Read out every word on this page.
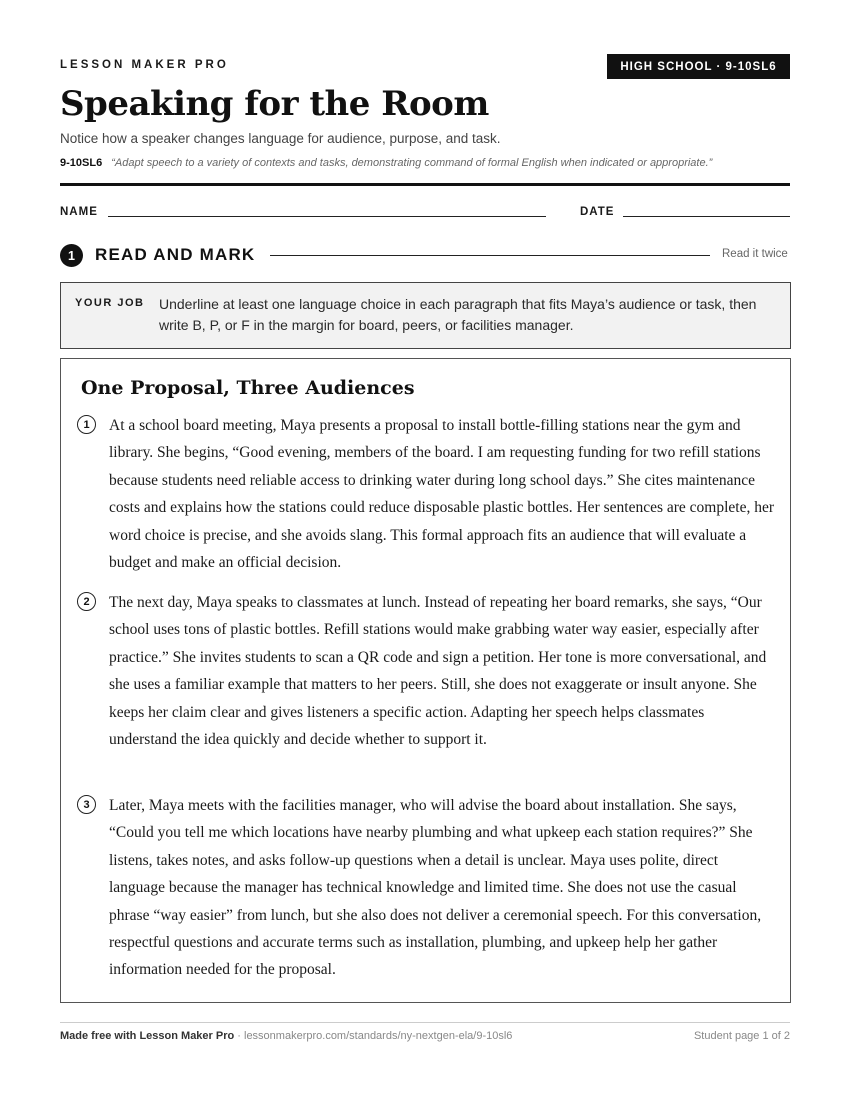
LESSON MAKER PRO	HIGH SCHOOL · 9-10SL6
Speaking for the Room
Notice how a speaker changes language for audience, purpose, and task.
9-10SL6 “Adapt speech to a variety of contexts and tasks, demonstrating command of formal English when indicated or appropriate.”
NAME	DATE
1	READ AND MARK	Read it twice
YOUR JOB Underline at least one language choice in each paragraph that fits Maya’s audience or task, then write B, P, or F in the margin for board, peers, or facilities manager.
One Proposal, Three Audiences
1	At a school board meeting, Maya presents a proposal to install bottle-filling stations near the gym and library. She begins, “Good evening, members of the board. I am requesting funding for two refill stations because students need reliable access to drinking water during long school days.” She cites maintenance costs and explains how the stations could reduce disposable plastic bottles. Her sentences are complete, her word choice is precise, and she avoids slang. This formal approach fits an audience that will evaluate a budget and make an official decision.
2	The next day, Maya speaks to classmates at lunch. Instead of repeating her board remarks, she says, “Our school uses tons of plastic bottles. Refill stations would make grabbing water way easier, especially after practice.” She invites students to scan a QR code and sign a petition. Her tone is more conversational, and she uses a familiar example that matters to her peers. Still, she does not exaggerate or insult anyone. She keeps her claim clear and gives listeners a specific action. Adapting her speech helps classmates understand the idea quickly and decide whether to support it.
3	Later, Maya meets with the facilities manager, who will advise the board about installation. She says, “Could you tell me which locations have nearby plumbing and what upkeep each station requires?” She listens, takes notes, and asks follow-up questions when a detail is unclear. Maya uses polite, direct language because the manager has technical knowledge and limited time. She does not use the casual phrase “way easier” from lunch, but she also does not deliver a ceremonial speech. For this conversation, respectful questions and accurate terms such as installation, plumbing, and upkeep help her gather information needed for the proposal.
Made free with Lesson Maker Pro · lessonmakerpro.com/standards/ny-nextgen-ela/9-10sl6	Student page 1 of 2
